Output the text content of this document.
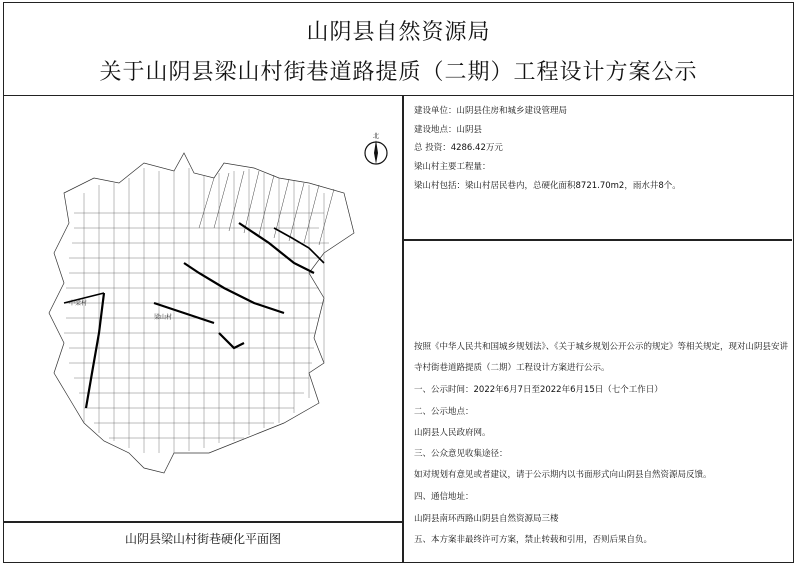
山阴县自然资源局
关于山阴县梁山村街巷道路提质（二期）工程设计方案公示
中梁村
梁山村
北
山阴县梁山村街巷硬化平面图
建设单位：山阴县住房和城乡建设管理局
建设地点：山阴县
总 投资：4286.42万元
梁山村主要工程量：
梁山村包括：梁山村居民巷内，总硬化面积8721.70m2，雨水井8个。
按照《中华人民共和国城乡规划法》、《关于城乡规划公开公示的规定》等相关规定，现对山阴县安讲
寺村街巷道路提质（二期）工程设计方案进行公示。
一、公示时间：2022年6月7日至2022年6月15日（七个工作日）
二、公示地点：
山阴县人民政府网。
三、公众意见收集途径：
如对规划有意见或者建议，请于公示期内以书面形式向山阴县自然资源局反馈。
四、通信地址：
山阴县南环西路山阴县自然资源局三楼
五、本方案非最终许可方案，禁止转载和引用，否则后果自负。
